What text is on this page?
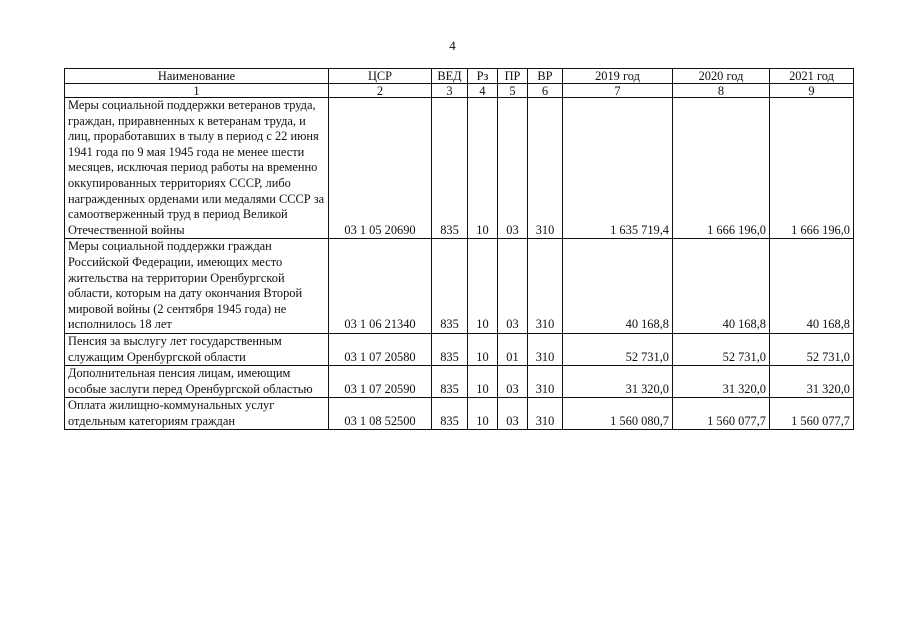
4
Наименование	ЦСР	ВЕД	Рз	ПР	ВР	2019 год	2020 год	2021 год
1	2	3	4	5	6	7	8	9
Меры социальной поддержки ветеранов труда, граждан, приравненных к ветеранам труда, и лиц, проработавших в тылу в период с 22 июня 1941 года по 9 мая 1945 года не менее шести месяцев, исключая период работы на временно оккупированных территориях СССР, либо награжденных орденами или медалями СССР за самоотверженный труд в период Великой Отечественной войны	03 1 05 20690	835	10	03	310	1 635 719,4	1 666 196,0	1 666 196,0
Меры социальной поддержки граждан Российской Федерации, имеющих место жительства на территории Оренбургской области, которым на дату окончания Второй мировой войны (2 сентября 1945 года) не исполнилось 18 лет	03 1 06 21340	835	10	03	310	40 168,8	40 168,8	40 168,8
Пенсия за выслугу лет государственным служащим Оренбургской области	03 1 07 20580	835	10	01	310	52 731,0	52 731,0	52 731,0
Дополнительная пенсия лицам, имеющим особые заслуги перед Оренбургской областью	03 1 07 20590	835	10	03	310	31 320,0	31 320,0	31 320,0
Оплата жилищно-коммунальных услуг отдельным категориям граждан	03 1 08 52500	835	10	03	310	1 560 080,7	1 560 077,7	1 560 077,7
